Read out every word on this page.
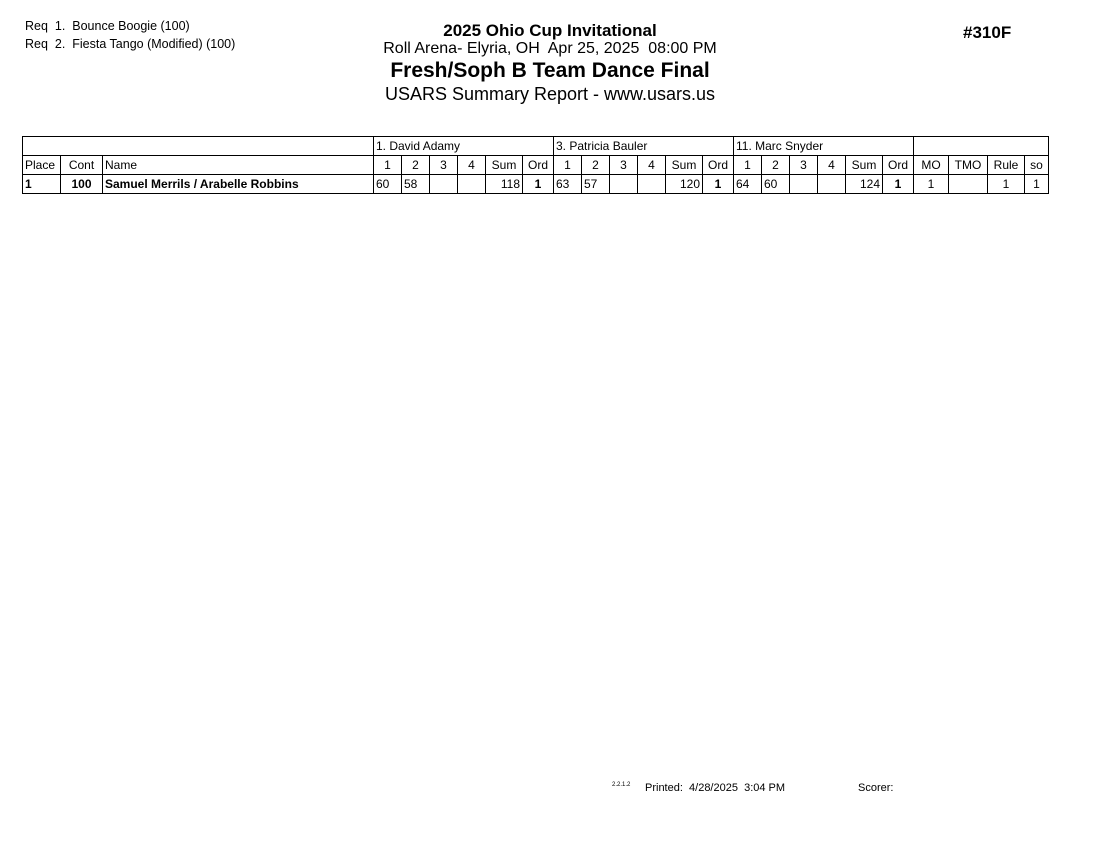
Req  1.  Bounce Boogie (100)
Req  2.  Fiesta Tango (Modified) (100)
2025 Ohio Cup Invitational
Roll Arena- Elyria, OH  Apr 25, 2025  08:00 PM
Fresh/Soph B Team Dance Final
USARS Summary Report - www.usars.us
#310F
			1. David Adamy						3. Patricia Bauler						11. Marc Snyder									
Place	Cont	Name	1	2	3	4	Sum	Ord	1	2	3	4	Sum	Ord	1	2	3	4	Sum	Ord	MO	TMO	Rule	so
1	100	Samuel Merrils / Arabelle Robbins	60	58			118	1	63	57			120	1	64	60			124	1	1		1	1
2.2.1.2 Printed:  4/28/2025  3:04 PM	Scorer:
